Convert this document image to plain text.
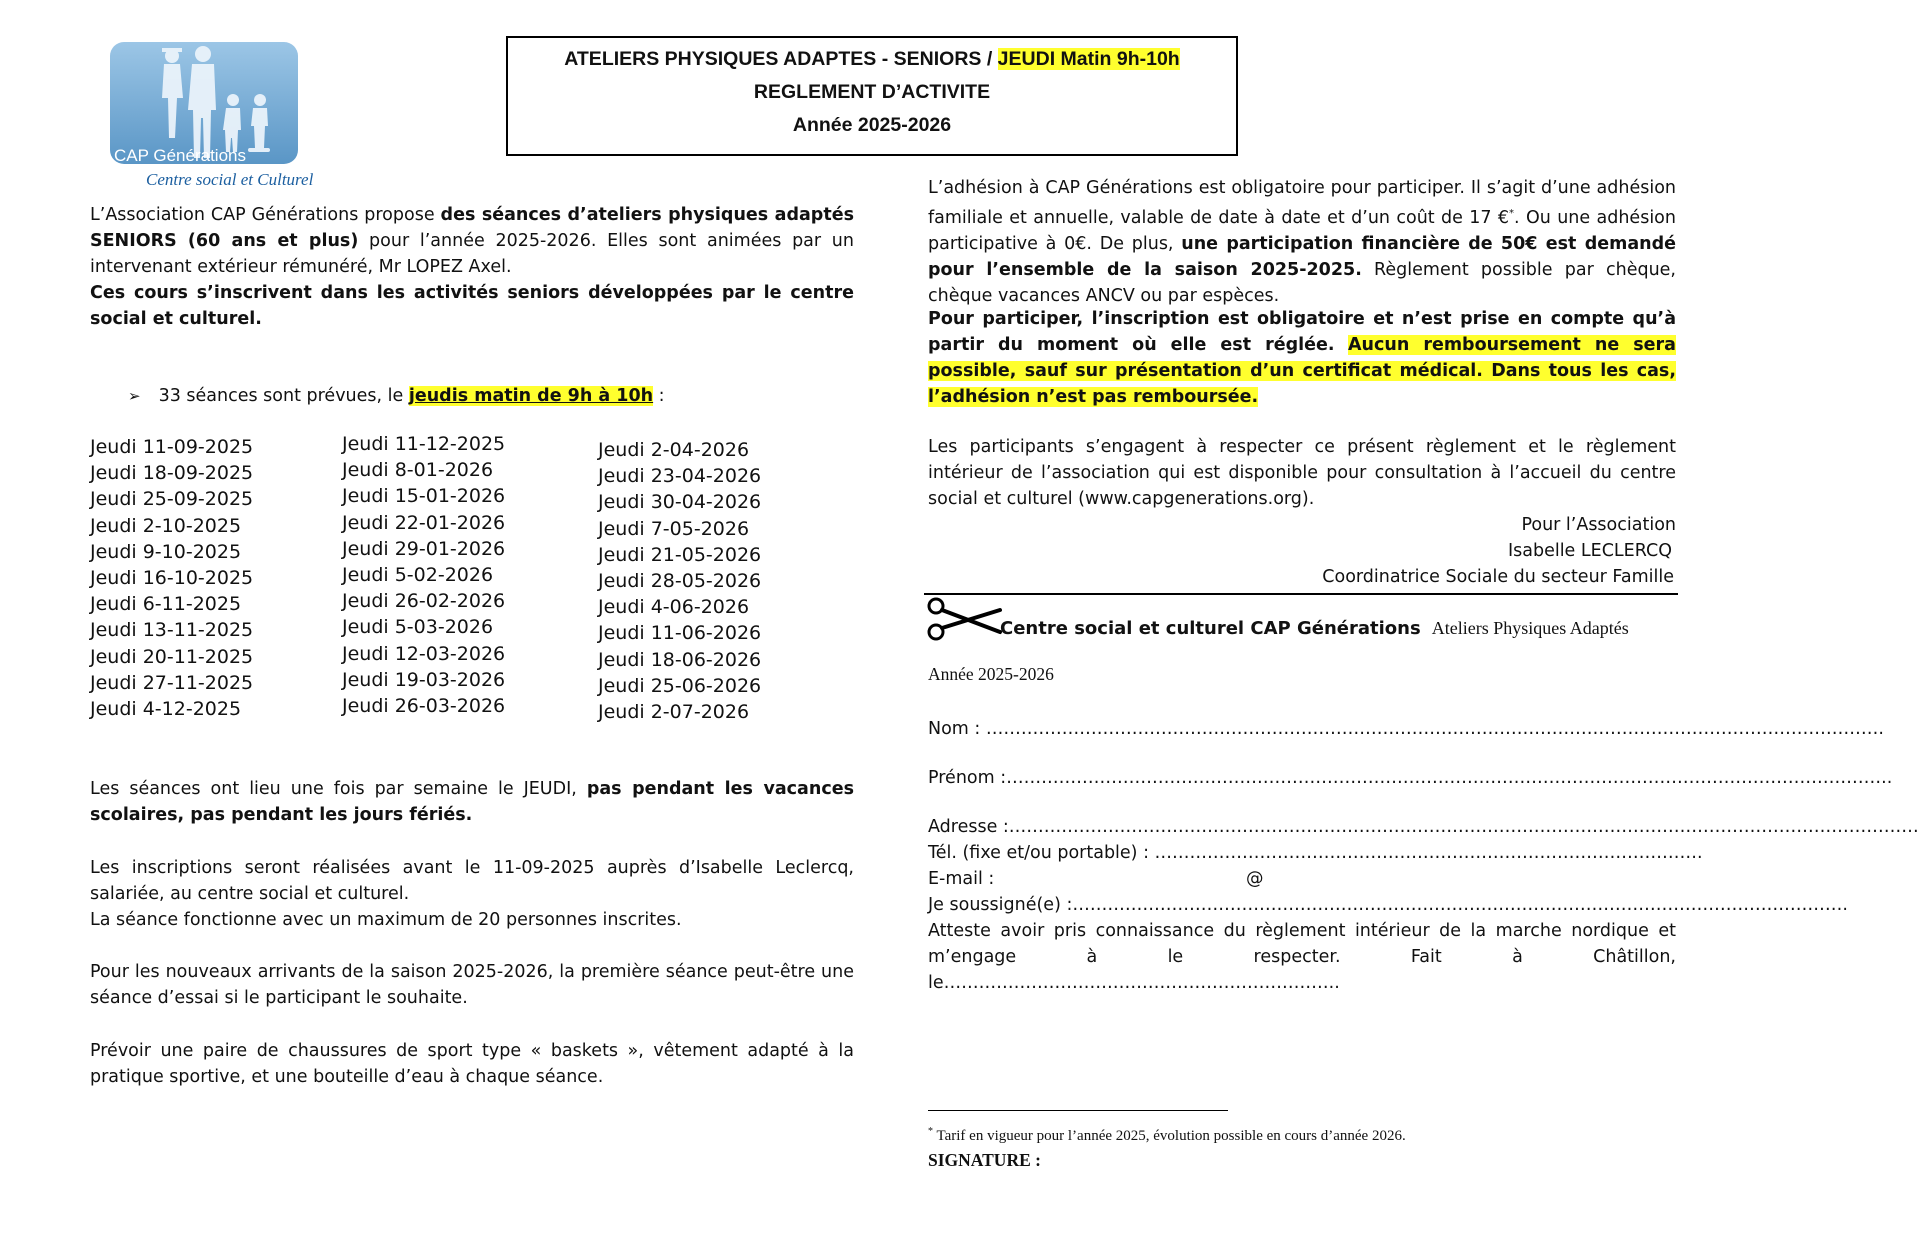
CAP Générations
Centre social et Culturel
ATELIERS PHYSIQUES ADAPTES - SENIORS / JEUDI Matin 9h-10h
REGLEMENT D’ACTIVITE
Année 2025-2026
L’Association CAP Générations propose des séances d’ateliers physiques adaptés SENIORS (60 ans et plus) pour l’année 2025-2026. Elles sont animées par un intervenant extérieur rémunéré, Mr LOPEZ Axel.
Ces cours s’inscrivent dans les activités seniors développées par le centre social et culturel.
➢ 33 séances sont prévues, le jeudis matin de 9h à 10h :
Jeudi 11-09-2025
Jeudi 18-09-2025
Jeudi 25-09-2025
Jeudi 2-10-2025
Jeudi 9-10-2025
Jeudi 16-10-2025
Jeudi 6-11-2025
Jeudi 13-11-2025
Jeudi 20-11-2025
Jeudi 27-11-2025
Jeudi 4-12-2025
Jeudi 11-12-2025
Jeudi 8-01-2026
Jeudi 15-01-2026
Jeudi 22-01-2026
Jeudi 29-01-2026
Jeudi 5-02-2026
Jeudi 26-02-2026
Jeudi 5-03-2026
Jeudi 12-03-2026
Jeudi 19-03-2026
Jeudi 26-03-2026
Jeudi 2-04-2026
Jeudi 23-04-2026
Jeudi 30-04-2026
Jeudi 7-05-2026
Jeudi 21-05-2026
Jeudi 28-05-2026
Jeudi 4-06-2026
Jeudi 11-06-2026
Jeudi 18-06-2026
Jeudi 25-06-2026
Jeudi 2-07-2026
Les séances ont lieu une fois par semaine le JEUDI, pas pendant les vacances scolaires, pas pendant les jours fériés.
Les inscriptions seront réalisées avant le 11-09-2025 auprès d’Isabelle Leclercq, salariée, au centre social et culturel.
La séance fonctionne avec un maximum de 20 personnes inscrites.
Pour les nouveaux arrivants de la saison 2025-2026, la première séance peut-être une séance d’essai si le participant le souhaite.
Prévoir une paire de chaussures de sport type « baskets », vêtement adapté à la pratique sportive, et une bouteille d’eau à chaque séance.
L’adhésion à CAP Générations est obligatoire pour participer. Il s’agit d’une adhésion familiale et annuelle, valable de date à date et d’un coût de 17 €*. Ou une adhésion participative à 0€. De plus, une participation financière de 50€ est demandé pour l’ensemble de la saison 2025-2025. Règlement possible par chèque, chèque vacances ANCV ou par espèces.
Pour participer, l’inscription est obligatoire et n’est prise en compte qu’à partir du moment où elle est réglée. Aucun remboursement ne sera possible, sauf sur présentation d’un certificat médical. Dans tous les cas, l’adhésion n’est pas remboursée.
Les participants s’engagent à respecter ce présent règlement et le règlement intérieur de l’association qui est disponible pour consultation à l’accueil du centre social et culturel (www.capgenerations.org).
Pour l’Association
Isabelle LECLERCQ
Coordinatrice Sociale du secteur Famille
Centre social et culturel CAP Générations Ateliers Physiques Adaptés
Année 2025-2026
Nom : ……………………………………………………………………………………………………………………………………….
Prénom :……………………………………………………………………………………………………………………………………..
Adresse :…………………………………………………………………………………………………………………………………………
Tél. (fixe et/ou portable) : ………………………………………………………………………………….
E-mail :	@
Je soussigné(e) :…………………………………………………………………………………………………………………….
Atteste avoir pris connaissance du règlement intérieur de la marche nordique et m’engage à le respecter. Fait à Châtillon, le…………………………………………………………..
* Tarif en vigueur pour l’année 2025, évolution possible en cours d’année 2026.
SIGNATURE :
